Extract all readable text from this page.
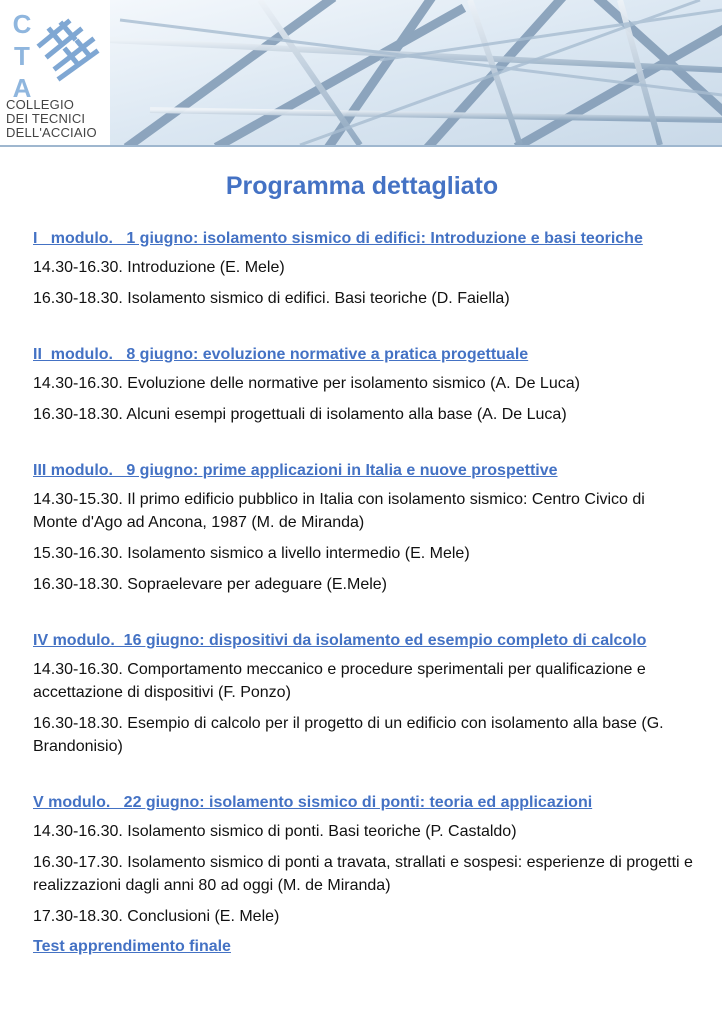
C
T
A
COLLEGIO
DEI TECNICI
DELL'ACCIAIO
Programma dettagliato
I   modulo.   1 giugno: isolamento sismico di edifici: Introduzione e basi teoriche
14.30-16.30. Introduzione (E. Mele)
16.30-18.30. Isolamento sismico di edifici. Basi teoriche (D. Faiella)
II  modulo.   8 giugno: evoluzione normative a pratica progettuale
14.30-16.30. Evoluzione delle normative per isolamento sismico (A. De Luca)
16.30-18.30. Alcuni esempi progettuali di isolamento alla base (A. De Luca)
III modulo.   9 giugno: prime applicazioni in Italia e nuove prospettive
14.30-15.30. Il primo edificio pubblico in Italia con isolamento sismico: Centro Civico di Monte d'Ago ad Ancona, 1987 (M. de Miranda)
15.30-16.30. Isolamento sismico a livello intermedio (E. Mele)
16.30-18.30. Sopraelevare per adeguare (E.Mele)
IV modulo.  16 giugno: dispositivi da isolamento ed esempio completo di calcolo
14.30-16.30. Comportamento meccanico e procedure sperimentali per qualificazione e accettazione di dispositivi (F. Ponzo)
16.30-18.30. Esempio di calcolo per il progetto di un edificio con isolamento alla base (G. Brandonisio)
V modulo.   22 giugno: isolamento sismico di ponti: teoria ed applicazioni
14.30-16.30. Isolamento sismico di ponti. Basi teoriche (P. Castaldo)
16.30-17.30. Isolamento sismico di ponti a travata, strallati e sospesi: esperienze di progetti e realizzazioni dagli anni 80 ad oggi (M. de Miranda)
17.30-18.30. Conclusioni (E. Mele)
Test apprendimento finale
